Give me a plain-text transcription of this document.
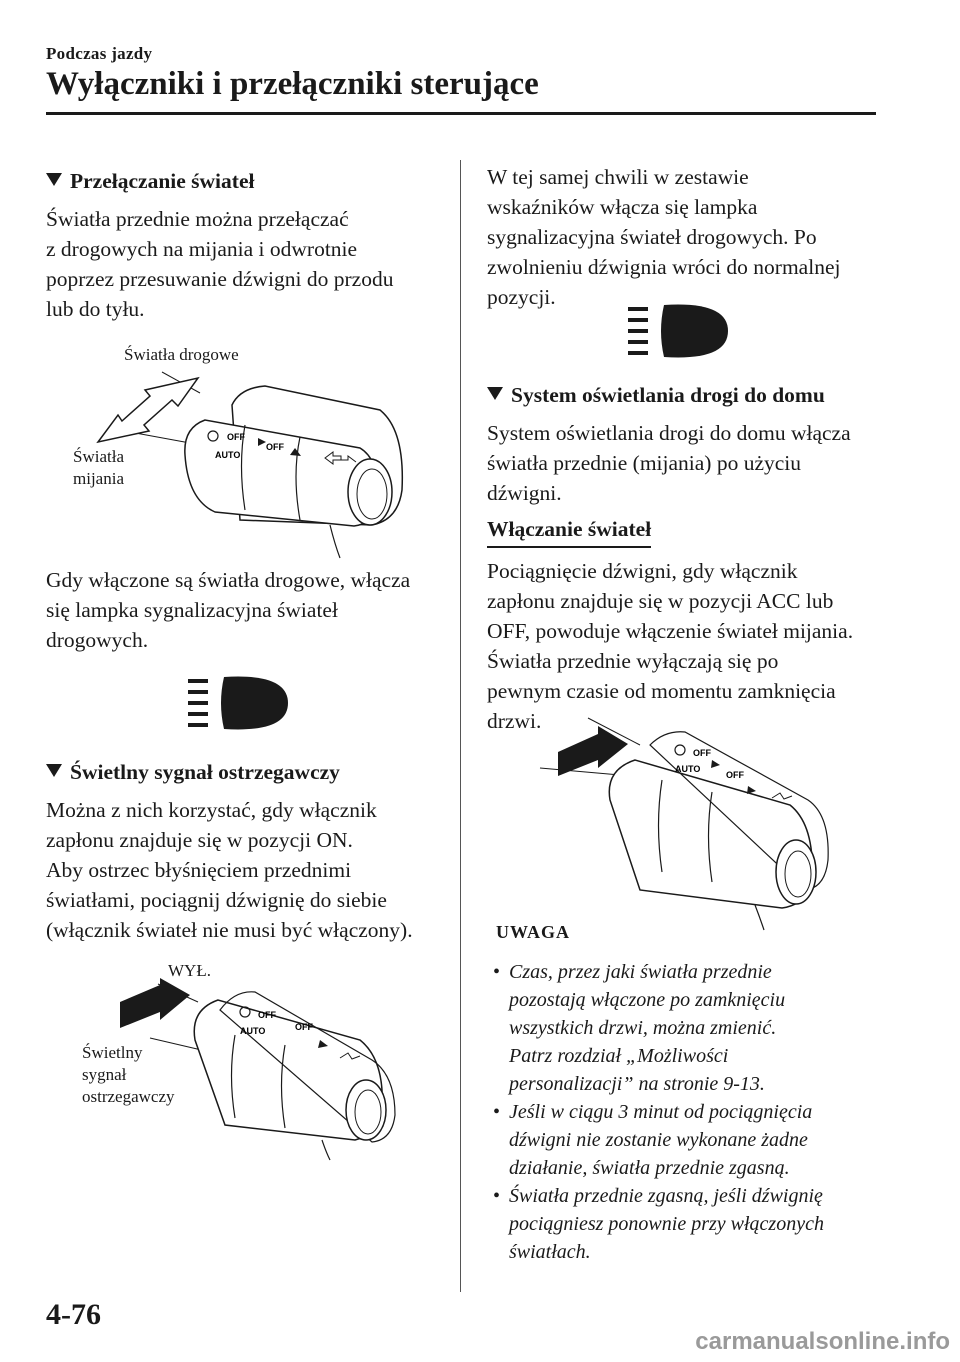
Podczas jazdy
Wyłączniki i przełączniki sterujące
Przełączanie świateł

Światła przednie można przełączać

z drogowych na mijania i odwrotnie

poprzez przesuwanie dźwigni do przodu

lub do tyłu.

Światła drogowe
Światła
mijania
OFF
AUTO
OFF

Gdy włączone są światła drogowe, włącza

się lampka sygnalizacyjna świateł

drogowych.

Świetlny sygnał ostrzegawczy

Można z nich korzystać, gdy włącznik

zapłonu znajduje się w pozycji ON.

Aby ostrzec błyśnięciem przednimi

światłami, pociągnij dźwignię do siebie

(włącznik świateł nie musi być włączony).

WYŁ.
Świetlny
sygnał
ostrzegawczy
OFF
AUTO	OFF

W tej samej chwili w zestawie

wskaźników włącza się lampka

sygnalizacyjna świateł drogowych. Po

zwolnieniu dźwignia wróci do normalnej

pozycji.

System oświetlania drogi do domu

System oświetlania drogi do domu włącza

światła przednie (mijania) po użyciu

dźwigni.

Włączanie świateł

Pociągnięcie dźwigni, gdy włącznik

zapłonu znajduje się w pozycji ACC lub

OFF, powoduje włączenie świateł mijania.

Światła przednie wyłączają się po

pewnym czasie od momentu zamknięcia

drzwi.

OFF
AUTO
OFF
UWAGA
• Czas, przez jaki światła przednie
pozostają włączone po zamknięciu
wszystkich drzwi, można zmienić.
Patrz rozdział „Możliwości
personalizacji” na stronie 9-13.
• Jeśli w ciągu 3 minut od pociągnięcia
dźwigni nie zostanie wykonane żadne
działanie, światła przednie zgasną.
• Światła przednie zgasną, jeśli dźwignię
pociągniesz ponownie przy włączonych
światłach.
4-76
carmanualsonline.info
